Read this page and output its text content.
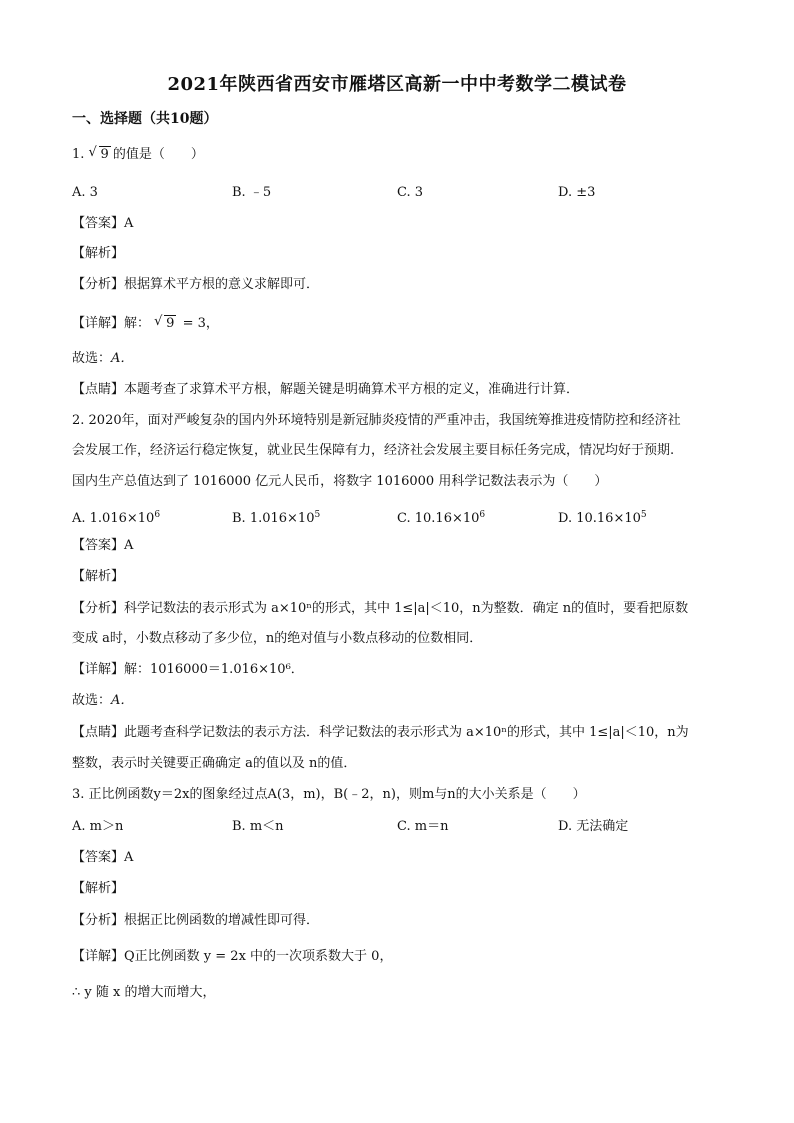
2021年陕西省西安市雁塔区高新一中中考数学二模试卷
一、选择题（共10题）
1. √ 9 的值是（　　）
A. 3	B. ﹣5	C. 3	D. ±3
【答案】A
【解析】
【分析】根据算术平方根的意义求解即可．
【详解】解： √ 9 = 3，
故选：A．
【点睛】本题考查了求算术平方根，解题关键是明确算术平方根的定义，准确进行计算．
2. 2020年，面对严峻复杂的国内外环境特别是新冠肺炎疫情的严重冲击，我国统筹推进疫情防控和经济社
会发展工作，经济运行稳定恢复，就业民生保障有力，经济社会发展主要目标任务完成，情况均好于预期.
国内生产总值达到了 1016000 亿元人民币，将数字 1016000 用科学记数法表示为（　　）
A. $1.016\times 10^6$	B. $1.016\times 10^5$	C. $10.16\times 10^6$	D. $10.16\times 10^5$
【答案】A
【解析】
【分析】科学记数法的表示形式为 a×10ⁿ的形式，其中 1≤|a|＜10，n为整数．确定 n的值时，要看把原数
变成 a时，小数点移动了多少位，n的绝对值与小数点移动的位数相同．
【详解】解：1016000＝1.016×10⁶．
故选：A．
【点睛】此题考查科学记数法的表示方法．科学记数法的表示形式为 a×10ⁿ的形式，其中 1≤|a|＜10，n为
整数，表示时关键要正确确定 a的值以及 n的值．
3. 正比例函数y＝2x的图象经过点A(3，m)，B(﹣2，n)，则m与n的大小关系是（　　）
A. m＞n	B. m＜n	C. m＝n	D. 无法确定
【答案】A
【解析】
【分析】根据正比例函数的增减性即可得．
【详解】Q正比例函数 y = 2x 中的一次项系数大于 0，
∴ y 随 x 的增大而增大，
